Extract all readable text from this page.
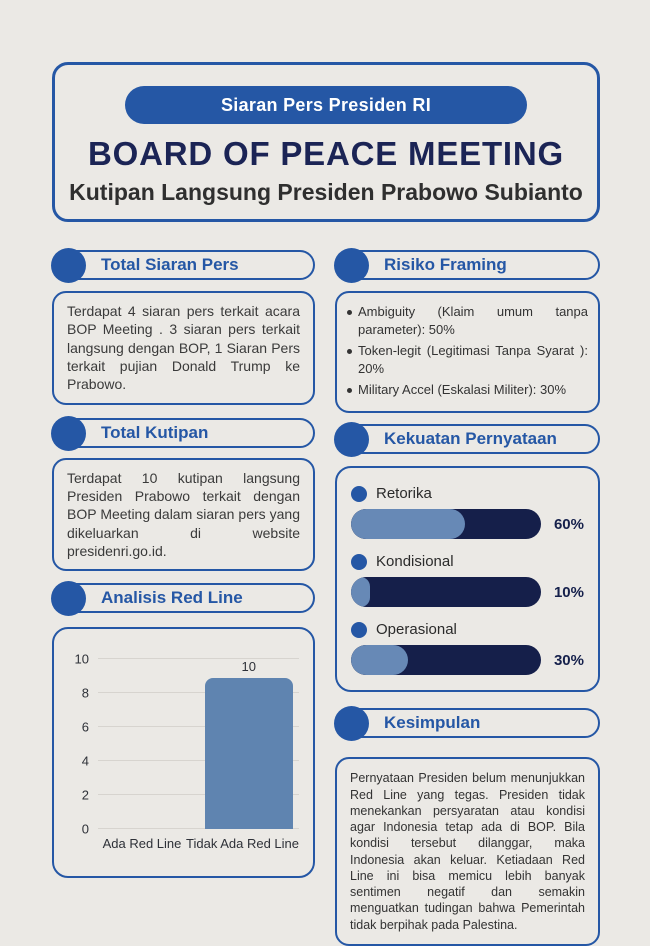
Siaran Pers Presiden RI
BOARD OF PEACE MEETING
Kutipan Langsung Presiden Prabowo Subianto
Total Siaran Pers
Terdapat 4 siaran pers terkait acara BOP Meeting . 3 siaran pers terkait langsung dengan BOP, 1 Siaran Pers terkait pujian Donald Trump ke Prabowo.
Total Kutipan
Terdapat 10 kutipan langsung Presiden Prabowo terkait dengan BOP Meeting dalam siaran pers yang dikeluarkan di website presidenri.go.id.
Analisis Red Line
0
2
4
6
8
10	10
Ada Red Line Tidak Ada Red Line
Risiko Framing
Ambiguity (Klaim umum tanpa parameter): 50%
Token-legit (Legitimasi Tanpa Syarat ): 20%
Military Accel (Eskalasi Militer): 30%
Kekuatan Pernyataan
Retorika
60%
Kondisional
10%
Operasional
30%
Kesimpulan
Pernyataan Presiden belum menunjukkan Red Line yang tegas. Presiden tidak menekankan persyaratan atau kondisi agar Indonesia tetap ada di BOP. Bila kondisi tersebut dilanggar, maka Indonesia akan keluar. Ketiadaan Red Line ini bisa memicu lebih banyak sentimen negatif dan semakin menguatkan tudingan bahwa Pemerintah tidak berpihak pada Palestina.
